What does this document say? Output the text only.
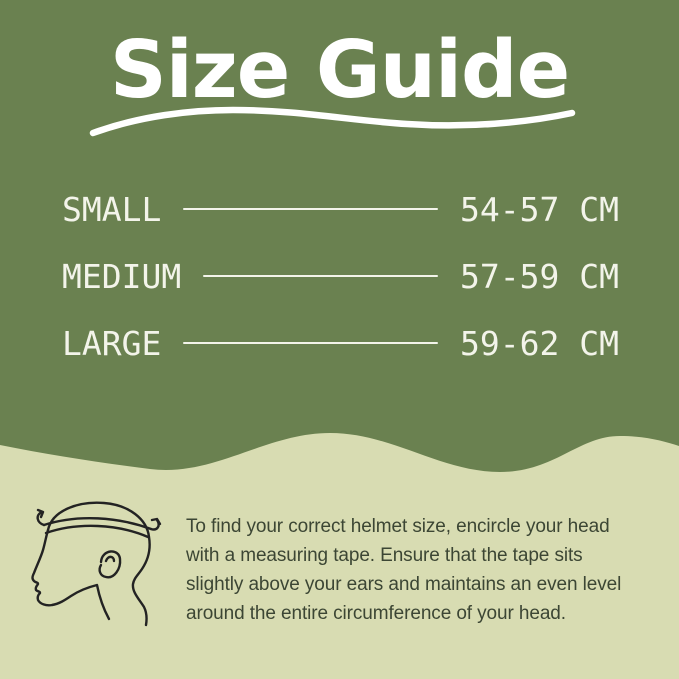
Size Guide
SMALL	54-57 CM
MEDIUM	57-59 CM
LARGE	59-62 CM
To find your correct helmet size, encircle your head
with a measuring tape. Ensure that the tape sits
slightly above your ears and maintains an even level
around the entire circumference of your head.
